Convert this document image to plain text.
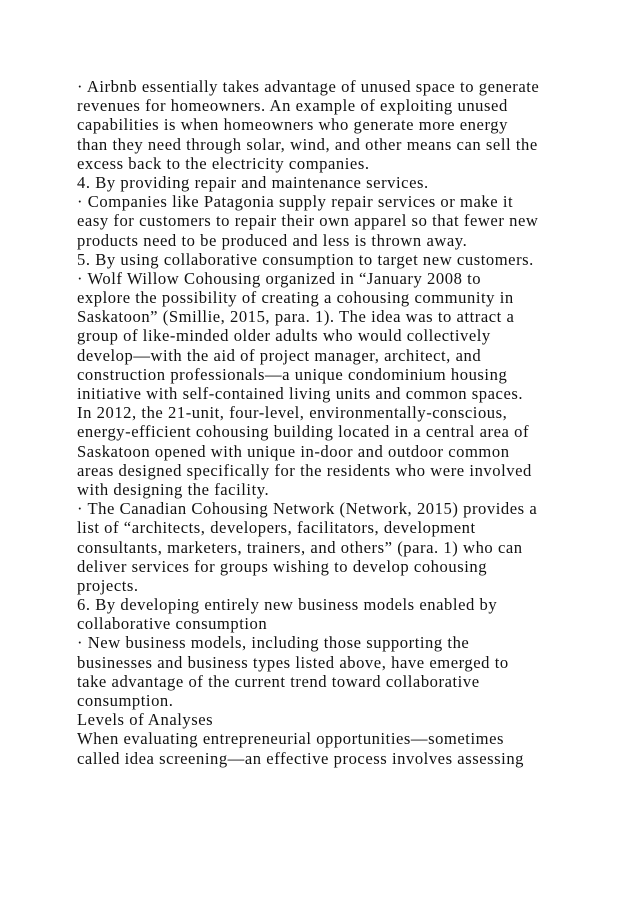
· Airbnb essentially takes advantage of unused space to generate
revenues for homeowners. An example of exploiting unused
capabilities is when homeowners who generate more energy
than they need through solar, wind, and other means can sell the
excess back to the electricity companies.
4. By providing repair and maintenance services.
· Companies like Patagonia supply repair services or make it
easy for customers to repair their own apparel so that fewer new
products need to be produced and less is thrown away.
5. By using collaborative consumption to target new customers.
· Wolf Willow Cohousing organized in “January 2008 to
explore the possibility of creating a cohousing community in
Saskatoon” (Smillie, 2015, para. 1). The idea was to attract a
group of like-minded older adults who would collectively
develop—with the aid of project manager, architect, and
construction professionals—a unique condominium housing
initiative with self-contained living units and common spaces.
In 2012, the 21-unit, four-level, environmentally-conscious,
energy-efficient cohousing building located in a central area of
Saskatoon opened with unique in-door and outdoor common
areas designed specifically for the residents who were involved
with designing the facility.
· The Canadian Cohousing Network (Network, 2015) provides a
list of “architects, developers, facilitators, development
consultants, marketers, trainers, and others” (para. 1) who can
deliver services for groups wishing to develop cohousing
projects.
6. By developing entirely new business models enabled by
collaborative consumption
· New business models, including those supporting the
businesses and business types listed above, have emerged to
take advantage of the current trend toward collaborative
consumption.
Levels of Analyses
When evaluating entrepreneurial opportunities—sometimes
called idea screening—an effective process involves assessing
